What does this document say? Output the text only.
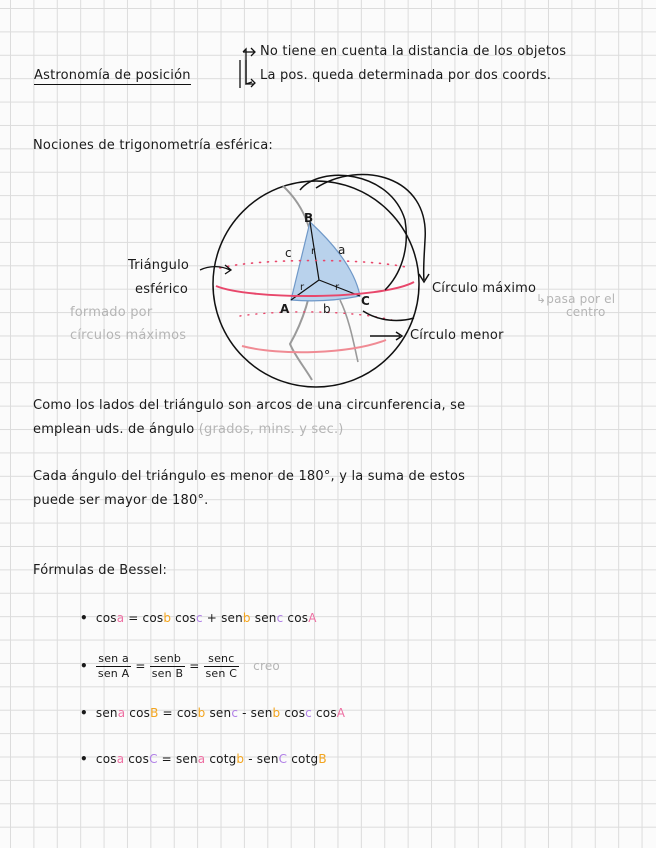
Astronomía de posición
No tiene en cuenta la distancia de los objetos
La pos. queda determinada por dos coords.
Nociones de trigonometría esférica:
B
A
C
a
b
c r
r	r
Triángulo
esférico
formado por
círculos máximos
Círculo máximo
↳pasa por el
centro
Círculo menor
Como los lados del triángulo son arcos de una circunferencia, se
emplean uds. de ángulo (grados, mins. y sec.)
Cada ángulo del triángulo es menor de 180°, y la suma de estos
puede ser mayor de 180°.
Fórmulas de Bessel:
• cosa = cosb cosc + senb senc cosA
• $\frac{\text{sen a}}{\text{sen A}} = \frac{\text{senb}}{\text{sen B}} = \frac{\text{senc}}{\text{sen C}}$ creo
• sena cosB = cosb senc - senb cosc cosA
• cosa cosC = sena cotgb - senC cotgB
